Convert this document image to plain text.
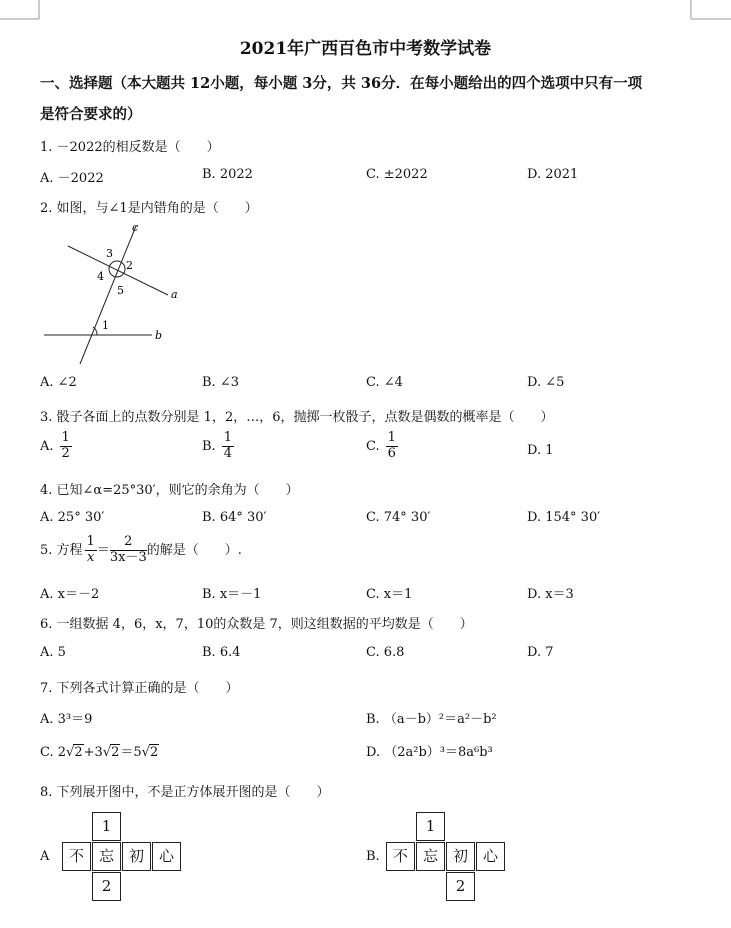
2021年广西百色市中考数学试卷
一、选择题（本大题共 12小题，每小题 3分，共 36分．在每小题给出的四个选项中只有一项
是符合要求的）
1. －2022的相反数是（　　）
A. －2022	B. 2022	C. ±2022	D. 2021
2. 如图，与∠1是内错角的是（　　）
c
a
b
3
2
4
5
1
A. ∠2	B. ∠3	C. ∠4	D. ∠5
3. 骰子各面上的点数分别是 1，2，…，6，抛掷一枚骰子，点数是偶数的概率是（　　）
A. $\frac{1}{2}$	B. $\frac{1}{4}$	C. $\frac{1}{6}$	D. 1
4. 已知∠α=25°30′，则它的余角为（　　）
A. 25° 30′	B. 64° 30′	C. 74° 30′	D. 154° 30′
5. 方程 $\frac{1}{x} = \frac{2}{3x-3}$ 的解是（　　）.
A. x＝－2	B. x＝－1	C. x＝1	D. x＝3
6. 一组数据 4，6，x，7，10的众数是 7，则这组数据的平均数是（　　）
A. 5	B. 6.4	C. 6.8	D. 7
7. 下列各式计算正确的是（　　）
A. 3³＝9	B. （a－b）²＝a²－b²
C. 2√2+3√2＝5√2	D. （2a²b）³＝8a⁶b³
8. 下列展开图中，不是正方体展开图的是（　　）
A
1
不 忘 初 心
2
B.
1
不 忘 初 心
2
